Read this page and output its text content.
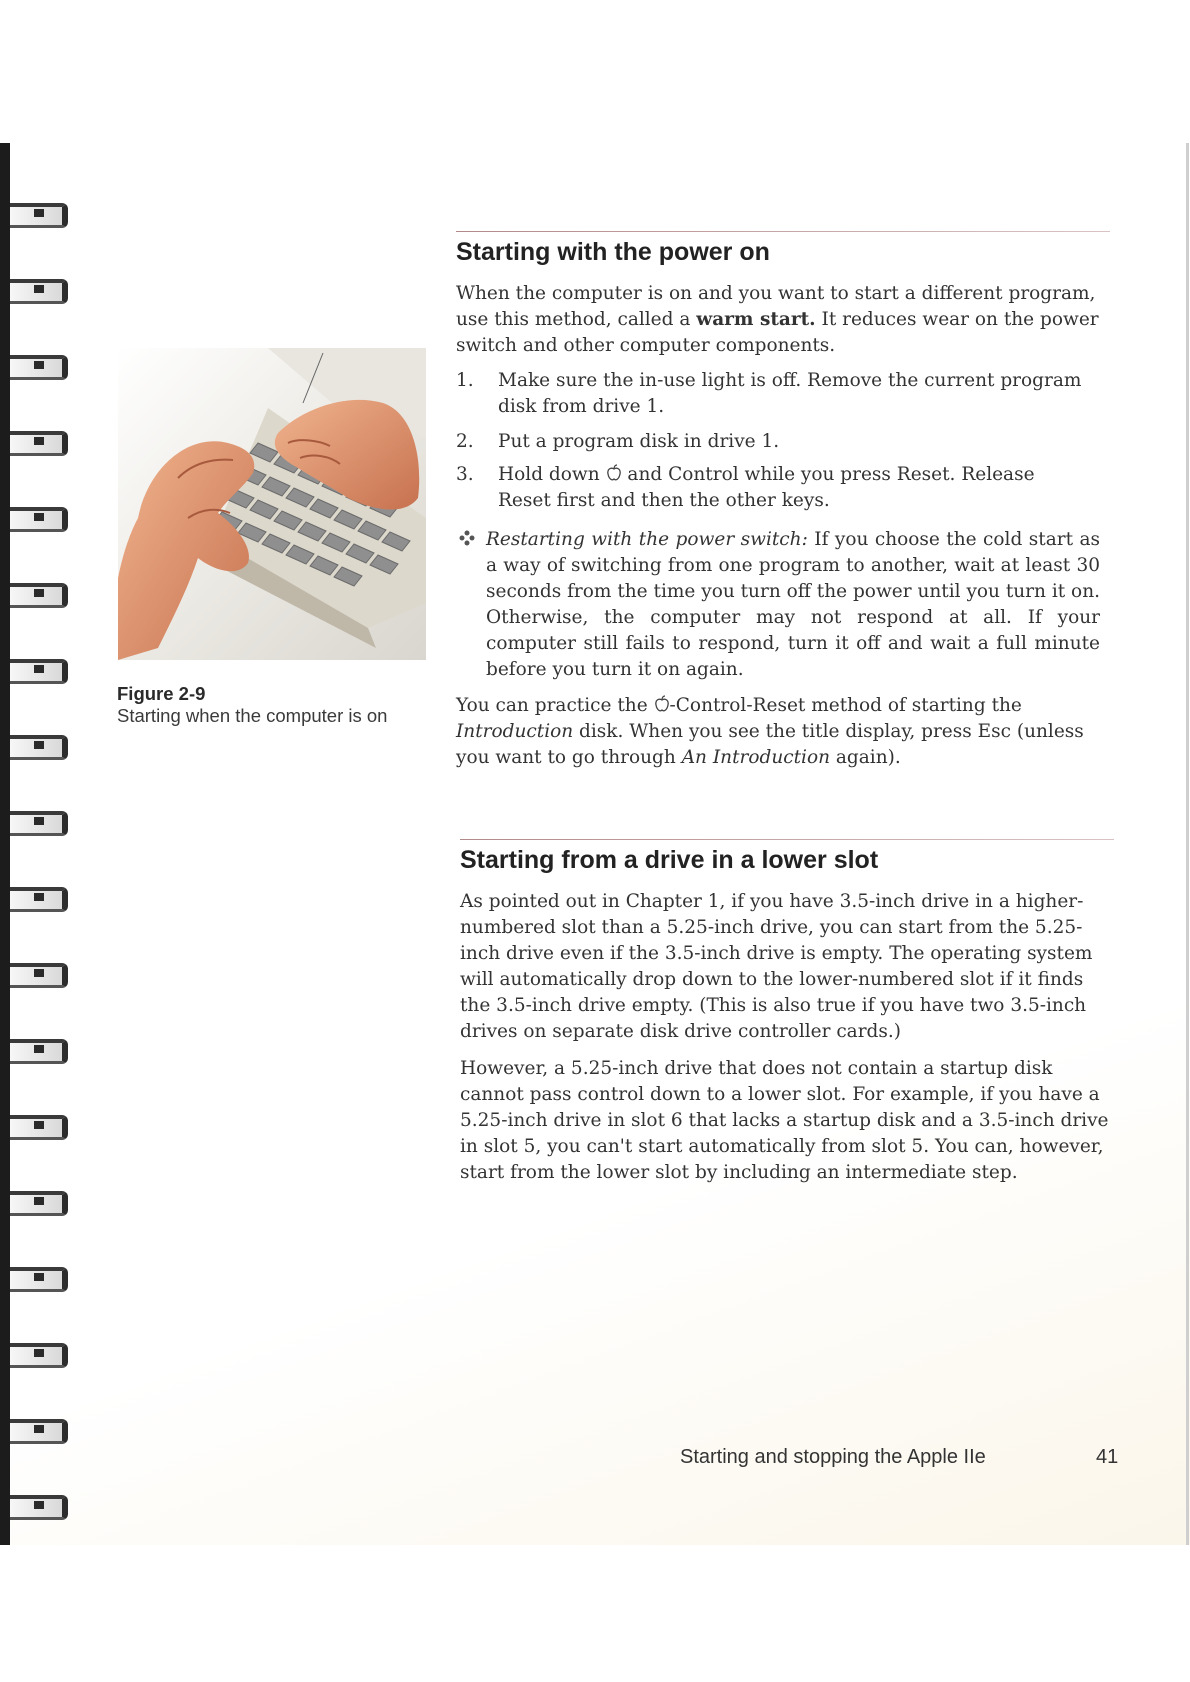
Figure 2-9
Starting when the computer is on
Starting with the power on

When the computer is on and you want to start a different program, use this method, called a warm start. It reduces wear on the power switch and other computer components.

1.	Make sure the in-use light is off. Remove the current program disk from drive 1.
2.	Put a program disk in drive 1.
3.	Hold down  and Control while you press Reset. Release Reset first and then the other keys.
Restarting with the power switch: If you choose the cold start as a way of switching from one program to another, wait at least 30 seconds from the time you turn off the power until you turn it on. Otherwise, the computer may not respond at all. If your computer still fails to respond, turn it off and wait a full minute before you turn it on again.

You can practice the -Control-Reset method of starting the Introduction disk. When you see the title display, press Esc (unless you want to go through An Introduction again).

Starting from a drive in a lower slot

As pointed out in Chapter 1, if you have 3.5-inch drive in a higher-numbered slot than a 5.25-inch drive, you can start from the 5.25-inch drive even if the 3.5-inch drive is empty. The operating system will automatically drop down to the lower-numbered slot if it finds the 3.5-inch drive empty. (This is also true if you have two 3.5-inch drives on separate disk drive controller cards.)

However, a 5.25-inch drive that does not contain a startup disk cannot pass control down to a lower slot. For example, if you have a 5.25-inch drive in slot 6 that lacks a startup disk and a 3.5-inch drive in slot 5, you can't start automatically from slot 5. You can, however, start from the lower slot by including an intermediate step.

Starting and stopping the Apple IIe	41
